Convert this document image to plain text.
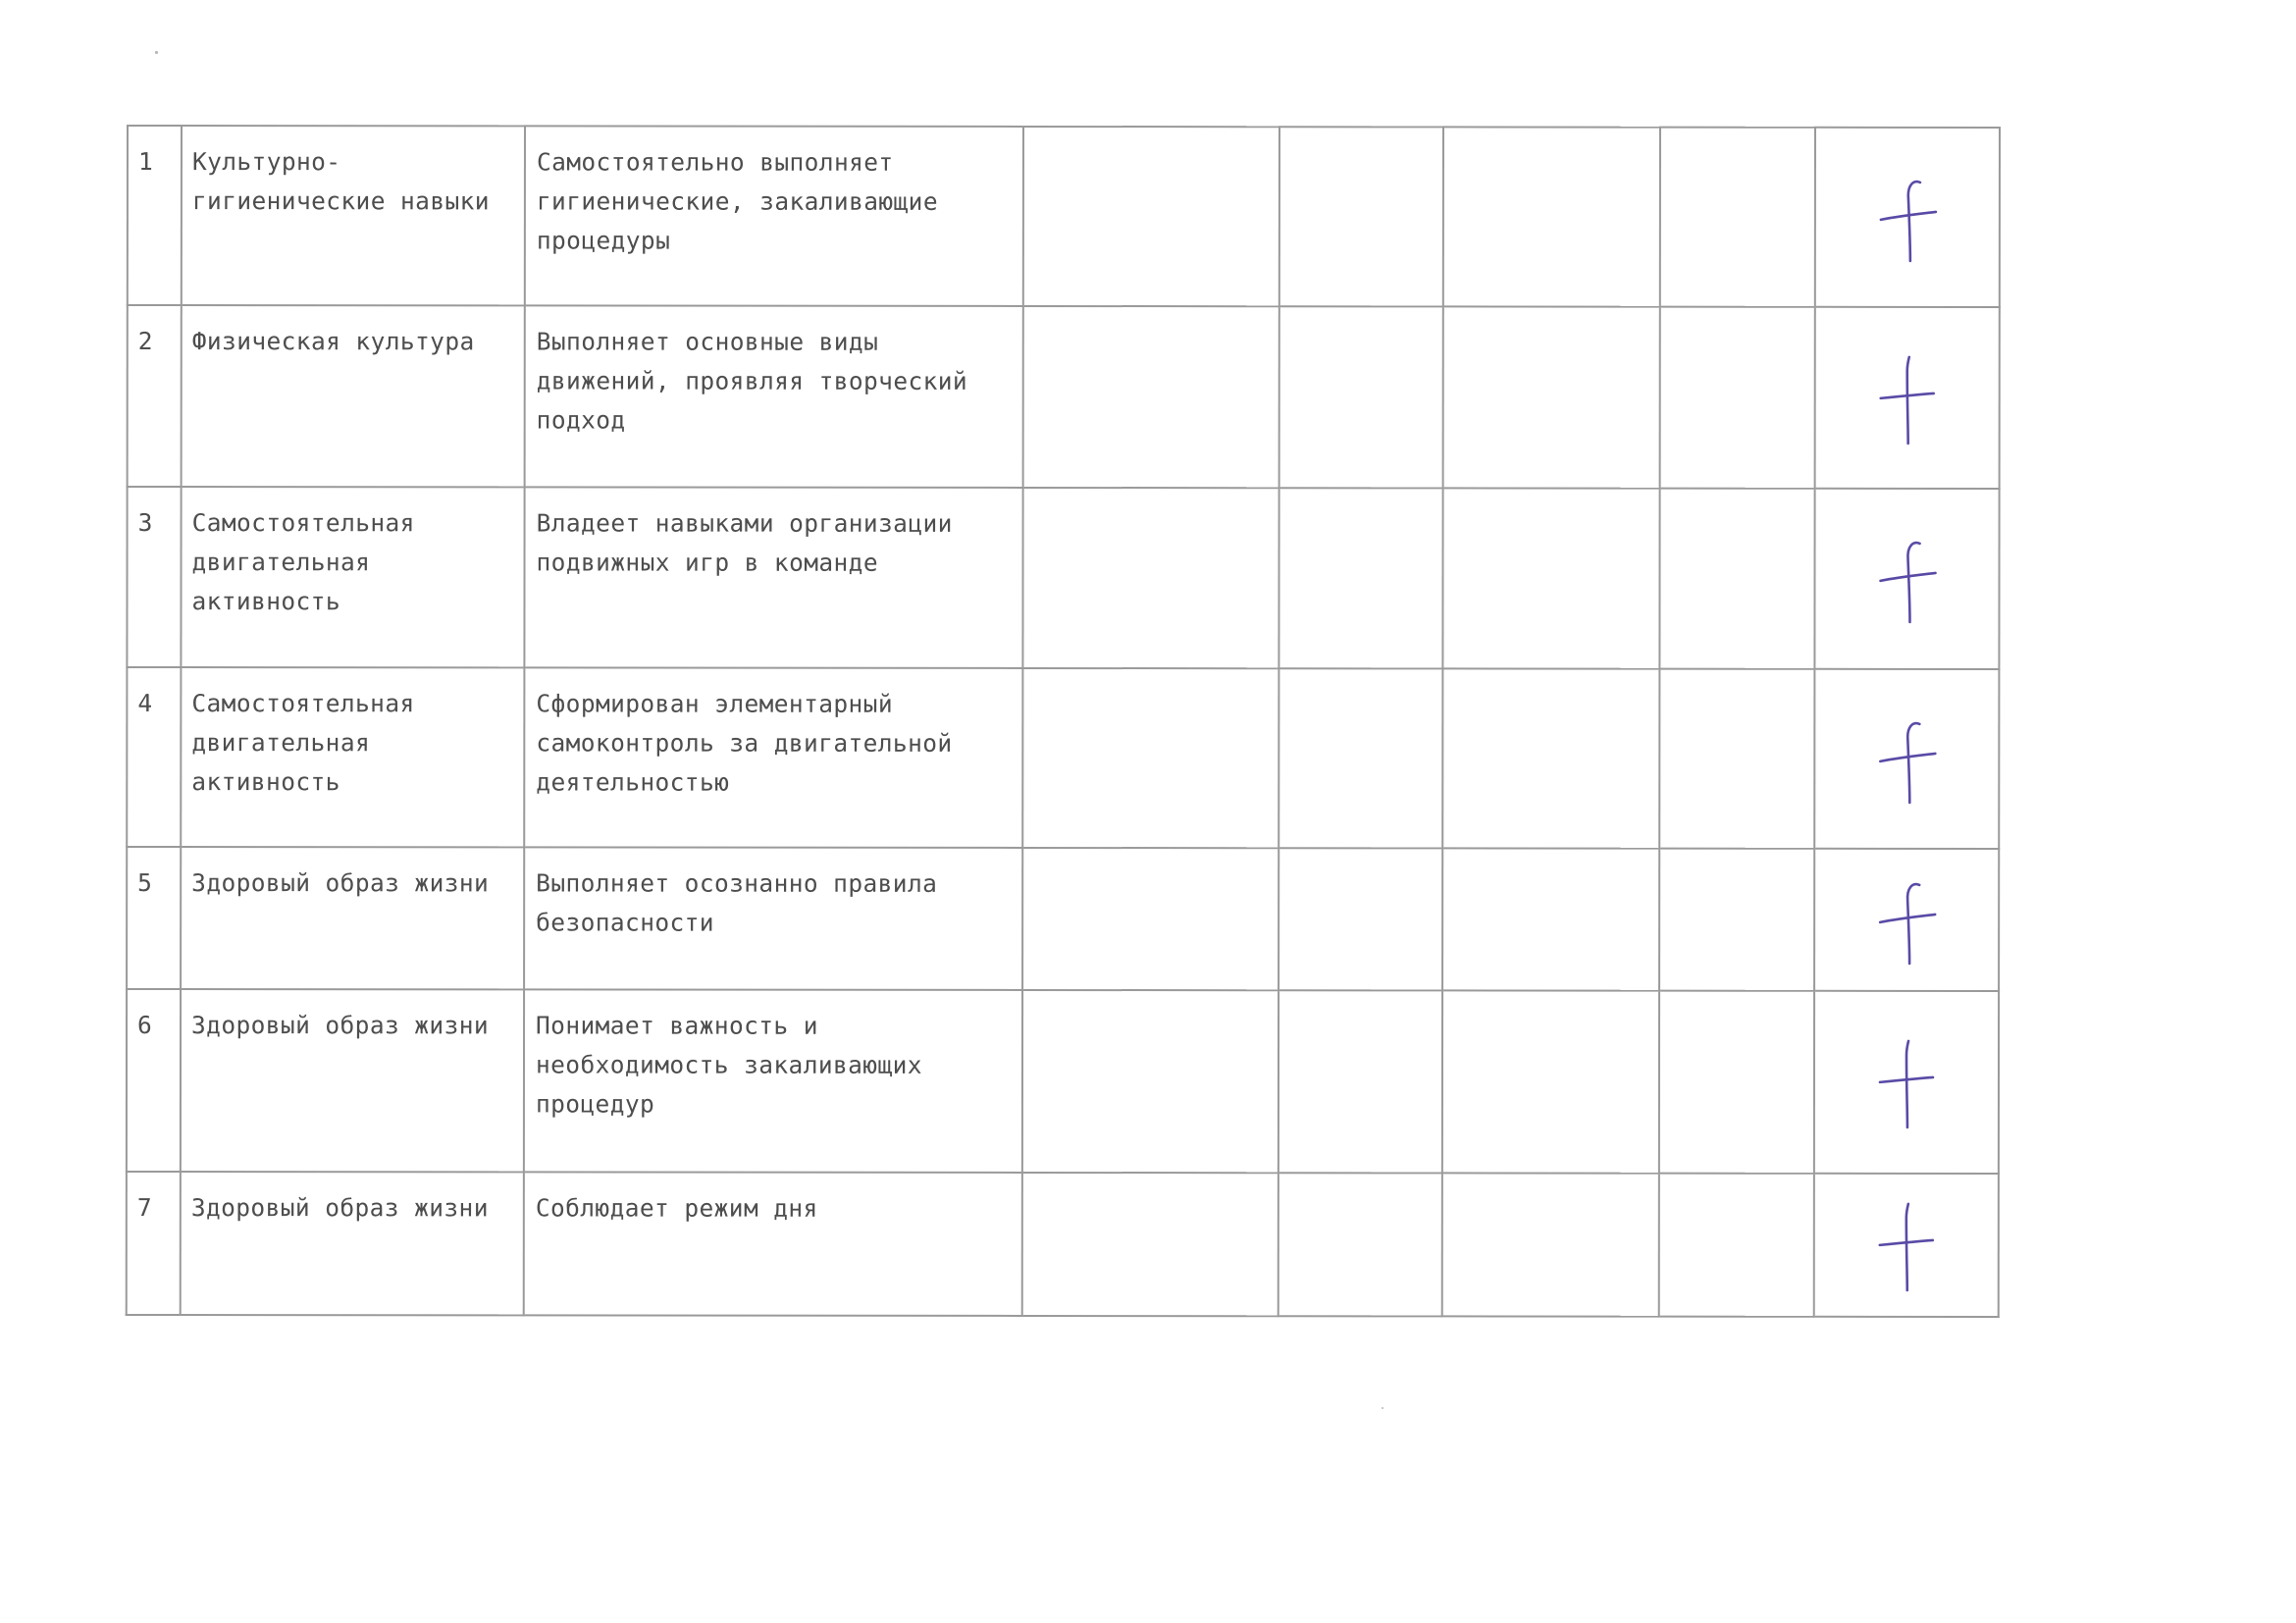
1	Культурно-гигиенические навыки	Самостоятельно выполняет гигиенические, закаливающие процедуры					

2	Физическая культура	Выполняет основные виды движений, проявляя творческий подход					

3	Самостоятельная двигательная активность	Владеет навыками организации подвижных игр в команде					

4	Самостоятельная двигательная активность	Сформирован элементарный самоконтроль за двигательной деятельностью					

5	Здоровый образ жизни	Выполняет осознанно правила безопасности					

6	Здоровый образ жизни	Понимает важность и необходимость закаливающих процедур					

7	Здоровый образ жизни	Соблюдает режим дня					
